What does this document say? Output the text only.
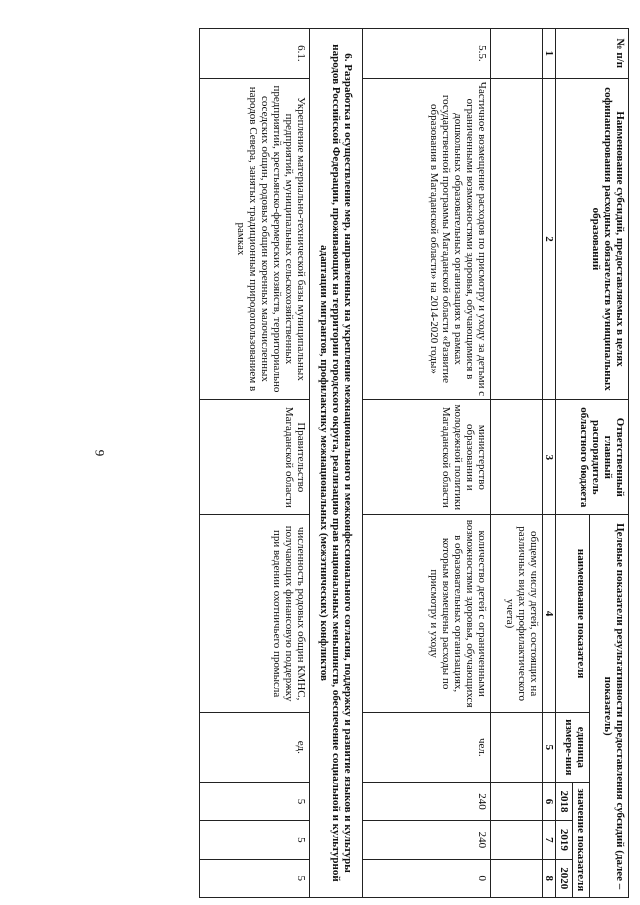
9
№ п/п	Наименование субсидий, предоставляемых в целях софинансирования расходных обязательств муниципальных образований	Ответственный главный распорядитель областного бюджета	Целевые показатели результативности предоставления субсидий (далее – показатель)				
			наименование показателя	единица измере-ния	значение показателя		
					2018	2019	2020
1	2	3	4	5	6	7	8
			общему числу детей, состоящих на различных видах профилактического учета)				
5.5.	Частичное возмещение расходов по присмотру и уходу за детьми с ограниченными возможностями здоровья, обучающимися в дошкольных образовательных организациях в рамках государственной программы Магаданской области «Развитие образования в Магаданской области» на 2014-2020 годы»	министерство образования и молодежной политики Магаданской области	количество детей с ограниченными возможностями здоровья, обучающихся в образовательных организациях, которым возмещены расходы по присмотру и уходу	чел.	240	240	0
6. Разработка и осуществление мер, направленных на укрепление межнационального и межконфессионального согласия, поддержку и развитие языков и культуры народов Российской Федерации, проживающих на территории городского округа, реализацию прав национальных меньшинств, обеспечение социальной и культурной адаптации мигрантов, профилактику межнациональных (межэтнических) конфликтов							
6.1.	Укрепление материально-технической базы муниципальных предприятий, муниципальных сельскохозяйственных предприятий, крестьянско-фермерских хозяйств, территориально соседских общин, родовых общин коренных малочисленных народов Севера, занятых традиционным природопользованием в рамках	Правительство Магаданской области	численность родовых общин КМНС, получающих финансовую поддержку при ведении охотничьего промысла	ед.	5	5	5
